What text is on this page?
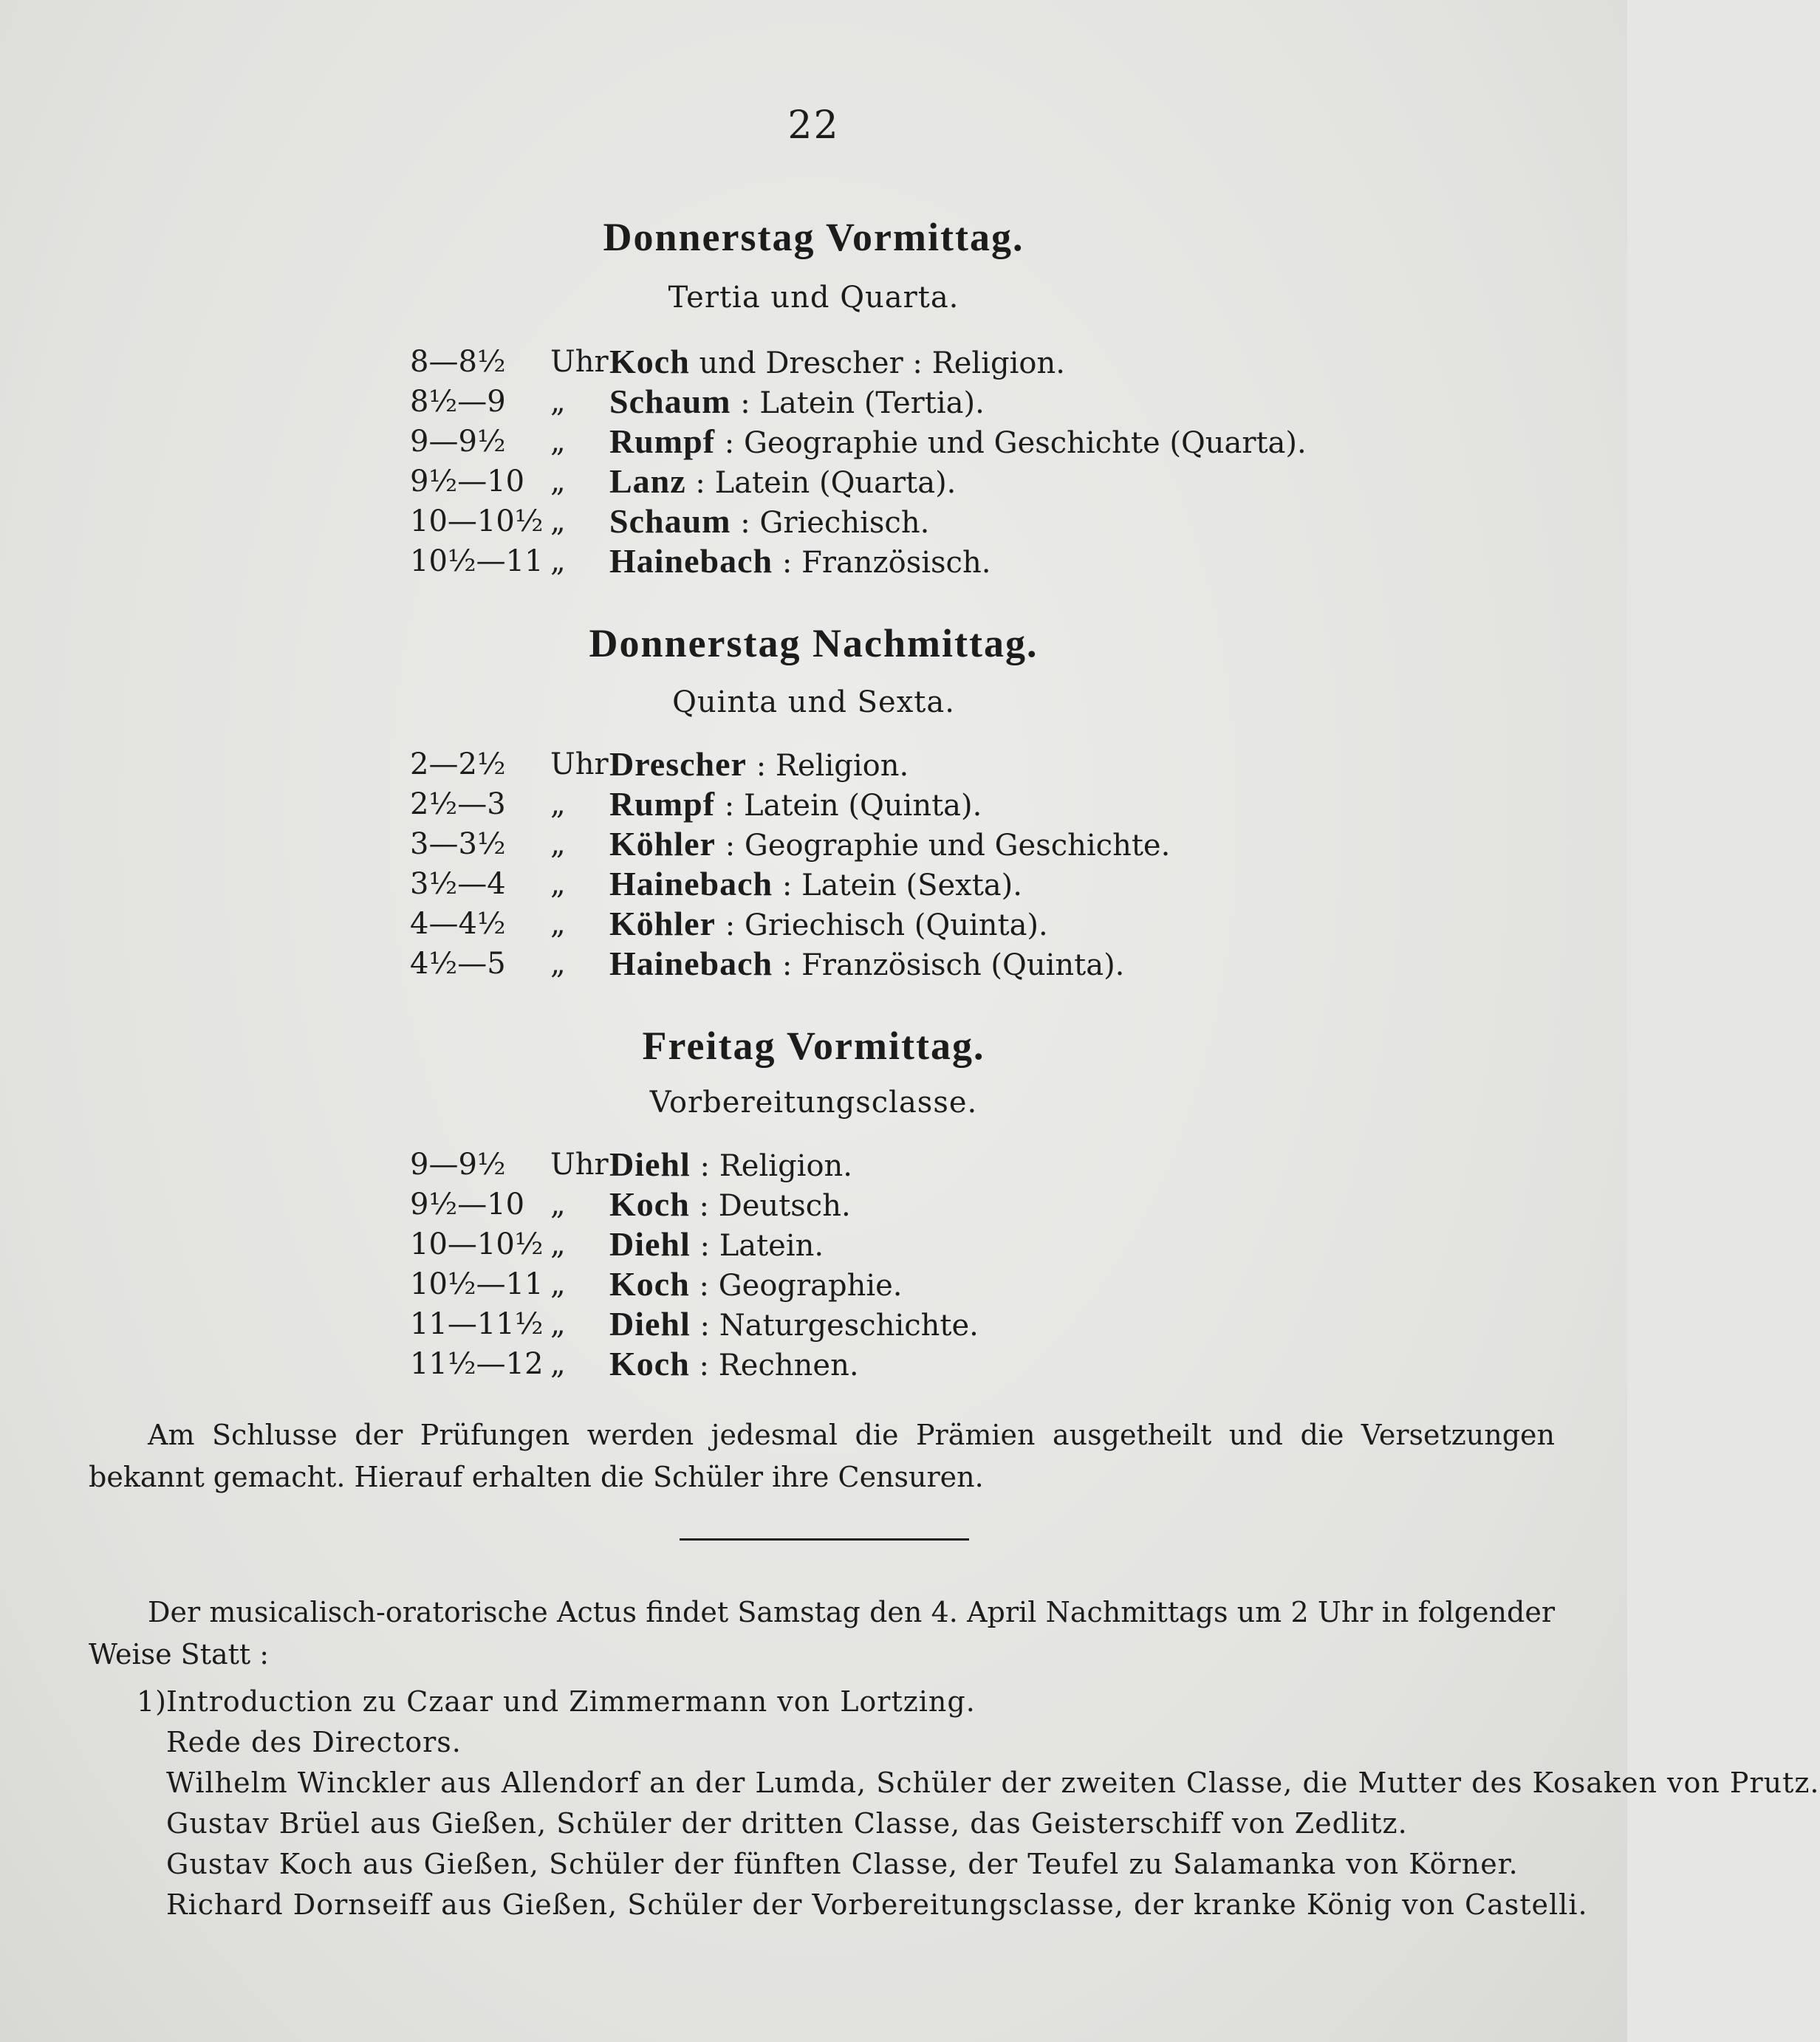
22
Donnerstag Vormittag.
Tertia und Quarta.
8—8½	Uhr Koch und Drescher : Religion.
8½—9	„	Schaum : Latein (Tertia).
9—9½	„	Rumpf : Geographie und Geschichte (Quarta).
9½—10 „	Lanz : Latein (Quarta).
10—10½ „	Schaum : Griechisch.
10½—11 „	Hainebach : Französisch.
Donnerstag Nachmittag.
Quinta und Sexta.
2—2½	Uhr Drescher : Religion.
2½—3	„	Rumpf : Latein (Quinta).
3—3½	„	Köhler : Geographie und Geschichte.
3½—4	„	Hainebach : Latein (Sexta).
4—4½	„	Köhler : Griechisch (Quinta).
4½—5	„	Hainebach : Französisch (Quinta).
Freitag Vormittag.
Vorbereitungsclasse.
9—9½	Uhr Diehl : Religion.
9½—10 „	Koch : Deutsch.
10—10½ „	Diehl : Latein.
10½—11 „	Koch : Geographie.
11—11½ „	Diehl : Naturgeschichte.
11½—12 „	Koch : Rechnen.
Am Schlusse der Prüfungen werden jedesmal die Prämien ausgetheilt und die Versetzungen bekannt gemacht. Hierauf erhalten die Schüler ihre Censuren.
Der musicalisch-oratorische Actus findet Samstag den 4. April Nachmittags um 2 Uhr in folgender Weise Statt :
1)
Introduction zu Czaar und Zimmermann von Lortzing.
Rede des Directors.
Wilhelm Winckler aus Allendorf an der Lumda, Schüler der zweiten Classe, die Mutter des Kosaken von Prutz.
Gustav Brüel aus Gießen, Schüler der dritten Classe, das Geisterschiff von Zedlitz.
Gustav Koch aus Gießen, Schüler der fünften Classe, der Teufel zu Salamanka von Körner.
Richard Dornseiff aus Gießen, Schüler der Vorbereitungsclasse, der kranke König von Castelli.
